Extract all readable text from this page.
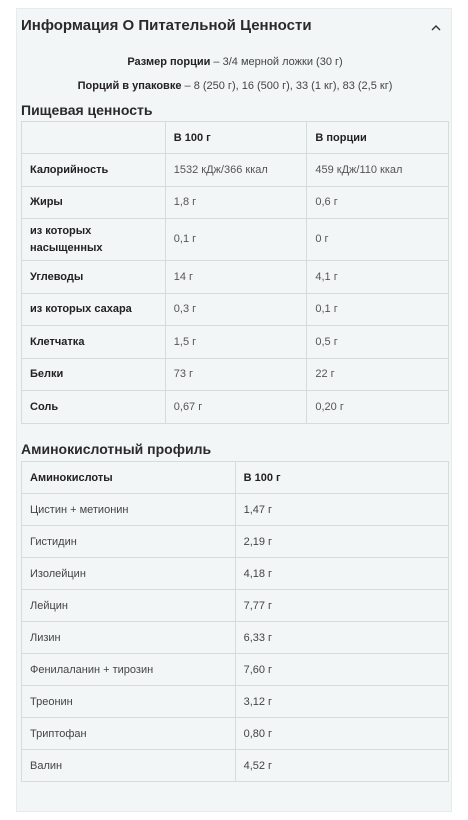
Информация О Питательной Ценности
Размер порции – 3/4 мерной ложки (30 г)
Порций в упаковке – 8 (250 г), 16 (500 г), 33 (1 кг), 83 (2,5 кг)
Пищевая ценность
	В 100 г	В порции
Калорийность	1532 кДж/366 ккал	459 кДж/110 ккал
Жиры	1,8 г	0,6 г
из которых насыщенных	0,1 г	0 г
Углеводы	14 г	4,1 г
из которых сахара	0,3 г	0,1 г
Клетчатка	1,5 г	0,5 г
Белки	73 г	22 г
Соль	0,67 г	0,20 г
Аминокислотный профиль
Аминокислоты	В 100 г
Цистин + метионин	1,47 г
Гистидин	2,19 г
Изолейцин	4,18 г
Лейцин	7,77 г
Лизин	6,33 г
Фенилаланин + тирозин	7,60 г
Треонин	3,12 г
Триптофан	0,80 г
Валин	4,52 г
